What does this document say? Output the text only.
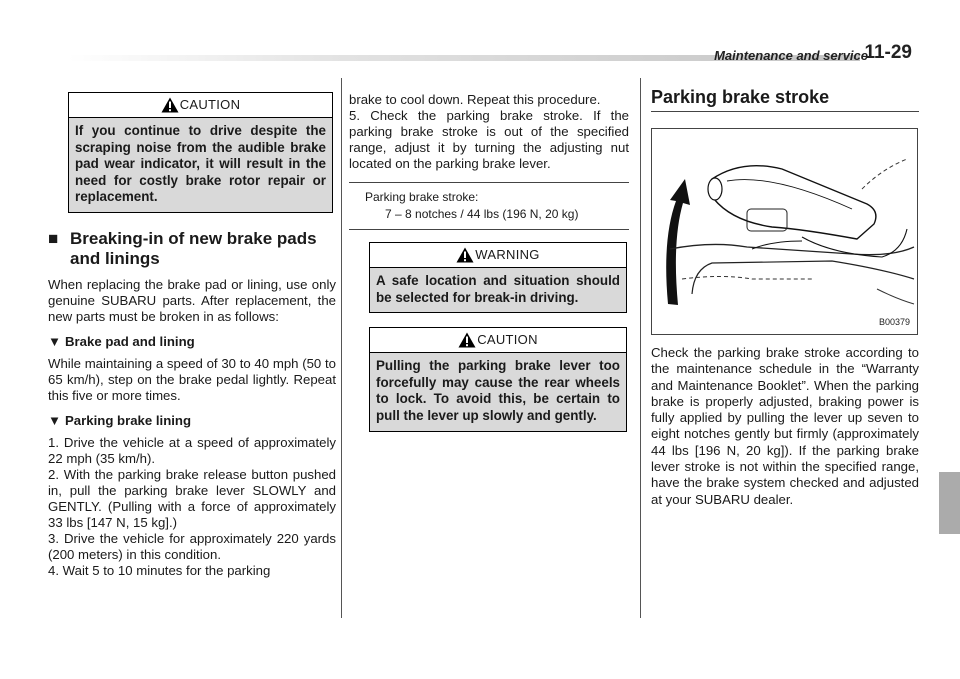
Maintenance and service
11-29
CAUTION
If you continue to drive despite the scraping noise from the audible brake pad wear indicator, it will result in the need for costly brake rotor repair or replacement.
■ Breaking-in of new brake pads and linings

When replacing the brake pad or lining, use only genuine SUBARU parts. After replacement, the new parts must be broken in as follows:

▼ Brake pad and lining

While maintaining a speed of 30 to 40 mph (50 to 65 km/h), step on the brake pedal lightly. Repeat this five or more times.

▼ Parking brake lining

1. Drive the vehicle at a speed of approximately 22 mph (35 km/h).

2. With the parking brake release button pushed in, pull the parking brake lever SLOWLY and GENTLY. (Pulling with a force of approximately 33 lbs [147 N, 15 kg].)

3. Drive the vehicle for approximately 220 yards (200 meters) in this condition.

4. Wait 5 to 10 minutes for the parking

brake to cool down. Repeat this procedure.

5. Check the parking brake stroke. If the parking brake stroke is out of the specified range, adjust it by turning the adjusting nut located on the parking brake lever.

Parking brake stroke:
7 – 8 notches / 44 lbs (196 N, 20 kg)
WARNING
A safe location and situation should be selected for break-in driving.
CAUTION
Pulling the parking brake lever too forcefully may cause the rear wheels to lock. To avoid this, be certain to pull the lever up slowly and gently.
Parking brake stroke
B00379

Check the parking brake stroke according to the maintenance schedule in the “Warranty and Maintenance Booklet”. When the parking brake is properly adjusted, braking power is fully applied by pulling the lever up seven to eight notches gently but firmly (approximately 44 lbs [196 N, 20 kg]). If the parking brake lever stroke is not within the specified range, have the brake system checked and adjusted at your SUBARU dealer.
